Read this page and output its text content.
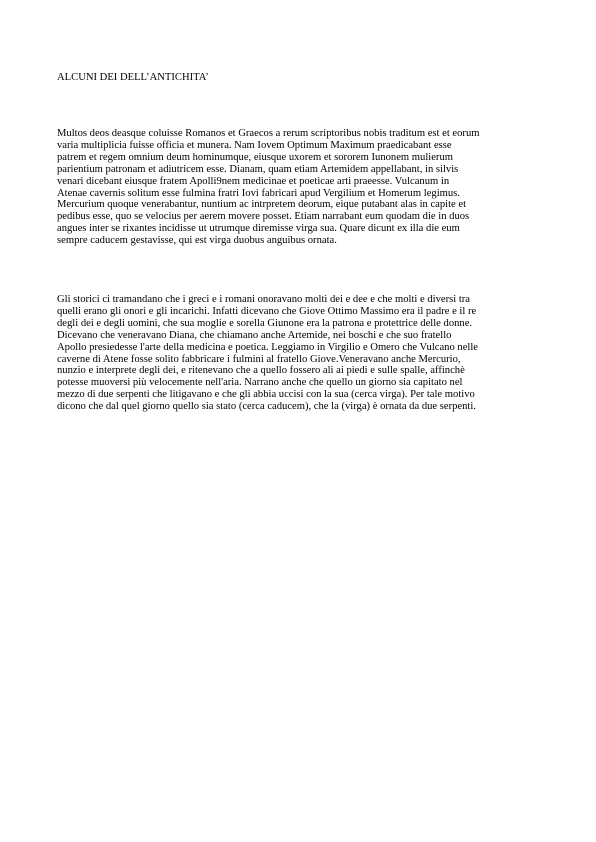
ALCUNI DEI DELL’ANTICHITA’

Multos deos deasque coluisse Romanos et Graecos a rerum scriptoribus nobis traditum est et eorum
varia multiplicia fuisse officia et munera. Nam Iovem Optimum Maximum praedicabant esse
patrem et regem omnium deum hominumque, eiusque uxorem et sororem Iunonem mulierum
parientium patronam et adiutricem esse. Dianam, quam etiam Artemidem appellabant, in silvis
venari dicebant eiusque fratem Apolli9nem medicinae et poeticae arti praeesse. Vulcanum in
Atenae cavernis solitum esse fulmina fratri Iovi fabricari apud Vergilium et Homerum legimus.
Mercurium quoque venerabantur, nuntium ac intrpretem deorum, eique putabant alas in capite et
pedibus esse, quo se velocius per aerem movere posset. Etiam narrabant eum quodam die in duos
angues inter se rixantes incidisse ut utrumque diremisse virga sua. Quare dicunt ex illa die eum
sempre caducem gestavisse, qui est virga duobus anguibus ornata.

Gli storici ci tramandano che i greci e i romani onoravano molti dei e dee e che molti e diversi tra
quelli erano gli onori e gli incarichi. Infatti dicevano che Giove Ottimo Massimo era il padre e il re
degli dei e degli uomini, che sua moglie e sorella Giunone era la patrona e protettrice delle donne.
Dicevano che veneravano Diana, che chiamano anche Artemide, nei boschi e che suo fratello
Apollo presiedesse l'arte della medicina e poetica. Leggiamo in Virgilio e Omero che Vulcano nelle
caverne di Atene fosse solito fabbricare i fulmini al fratello Giove.Veneravano anche Mercurio,
nunzio e interprete degli dei, e ritenevano che a quello fossero ali ai piedi e sulle spalle, affinchè
potesse muoversi più velocemente nell'aria. Narrano anche che quello un giorno sia capitato nel
mezzo di due serpenti che litigavano e che gli abbia uccisi con la sua (cerca virga). Per tale motivo
dicono che dal quel giorno quello sia stato (cerca caducem), che la (virga) è ornata da due serpenti.
